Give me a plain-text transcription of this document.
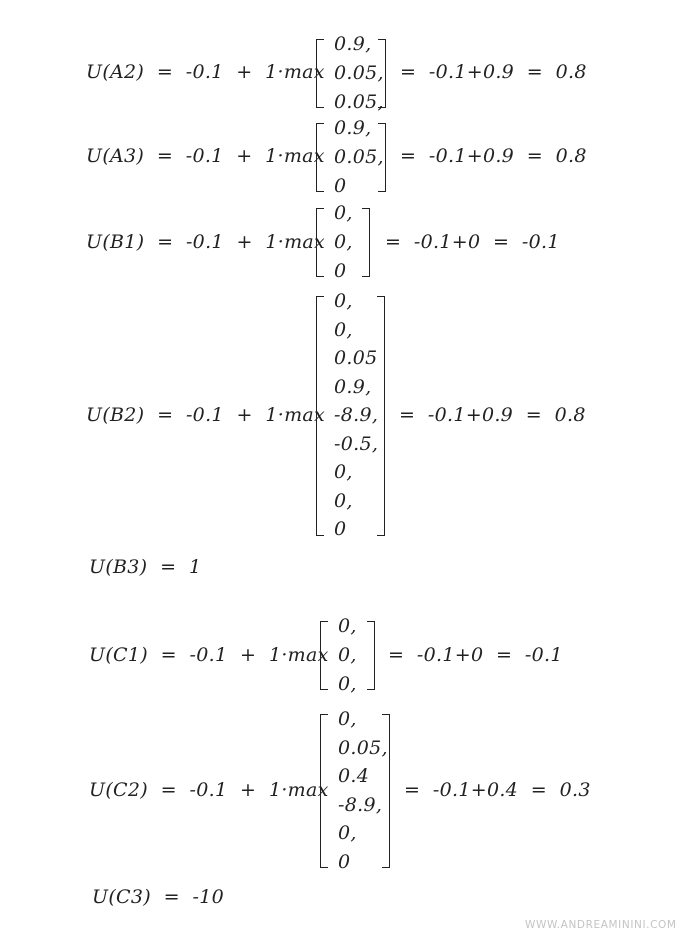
U(A2)  =  -0.1  +  1·max
0.9,
0.05,
0.05,
=  -0.1+0.9  =  0.8
U(A3)  =  -0.1  +  1·max
0.9,
0.05,
0
=  -0.1+0.9  =  0.8
U(B1)  =  -0.1  +  1·max
0,
0,
0
=  -0.1+0  =  -0.1
U(B2)  =  -0.1  +  1·max
0,
0,
0.05
0.9,
-8.9,
-0.5,
0,
0,
0
=  -0.1+0.9  =  0.8
U(B3)  =  1
U(C1)  =  -0.1  +  1·max
0,
0,
0,
=  -0.1+0  =  -0.1
U(C2)  =  -0.1  +  1·max
0,
0.05,
0.4
-8.9,
0,
0
=  -0.1+0.4  =  0.3
U(C3)  =  -10
WWW.ANDREAMININI.COM
